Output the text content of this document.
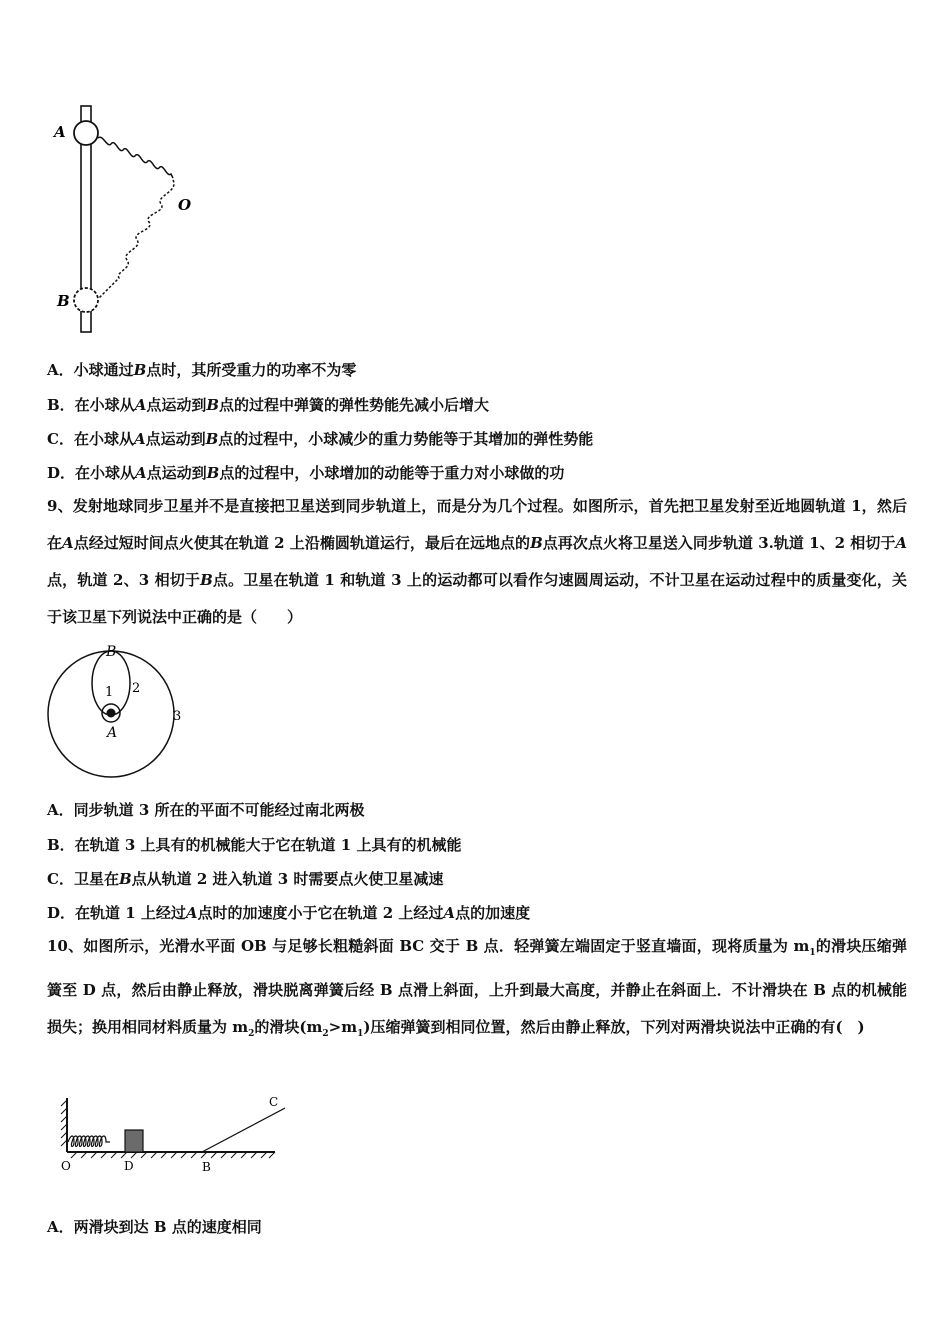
A
B
O
A．小球通过B点时，其所受重力的功率不为零
B．在小球从A点运动到B点的过程中弹簧的弹性势能先减小后增大
C．在小球从A点运动到B点的过程中，小球减少的重力势能等于其增加的弹性势能
D．在小球从A点运动到B点的过程中，小球增加的动能等于重力对小球做的功
9、发射地球同步卫星并不是直接把卫星送到同步轨道上，而是分为几个过程。如图所示，首先把卫星发射至近地圆轨道 1，然后在A点经过短时间点火使其在轨道 2 上沿椭圆轨道运行，最后在远地点的B点再次点火将卫星送入同步轨道 3.轨道 1、2 相切于A点，轨道 2、3 相切于B点。卫星在轨道 1 和轨道 3 上的运动都可以看作匀速圆周运动，不计卫星在运动过程中的质量变化，关于该卫星下列说法中正确的是（　　）
B
A
1 2
3
A．同步轨道 3 所在的平面不可能经过南北两极
B．在轨道 3 上具有的机械能大于它在轨道 1 上具有的机械能
C．卫星在B点从轨道 2 进入轨道 3 时需要点火使卫星减速
D．在轨道 1 上经过A点时的加速度小于它在轨道 2 上经过A点的加速度
10、如图所示，光滑水平面 OB 与足够长粗糙斜面 BC 交于 B 点．轻弹簧左端固定于竖直墙面，现将质量为 $m_1$的滑块压缩弹簧至 D 点，然后由静止释放，滑块脱离弹簧后经 B 点滑上斜面，上升到最大高度，并静止在斜面上．不计滑块在 B 点的机械能损失；换用相同材料质量为 $m_2$的滑块$(m_2>m_1)$压缩弹簧到相同位置，然后由静止释放，下列对两滑块说法中正确的有(　)
O	D	B
C
A．两滑块到达 B 点的速度相同
